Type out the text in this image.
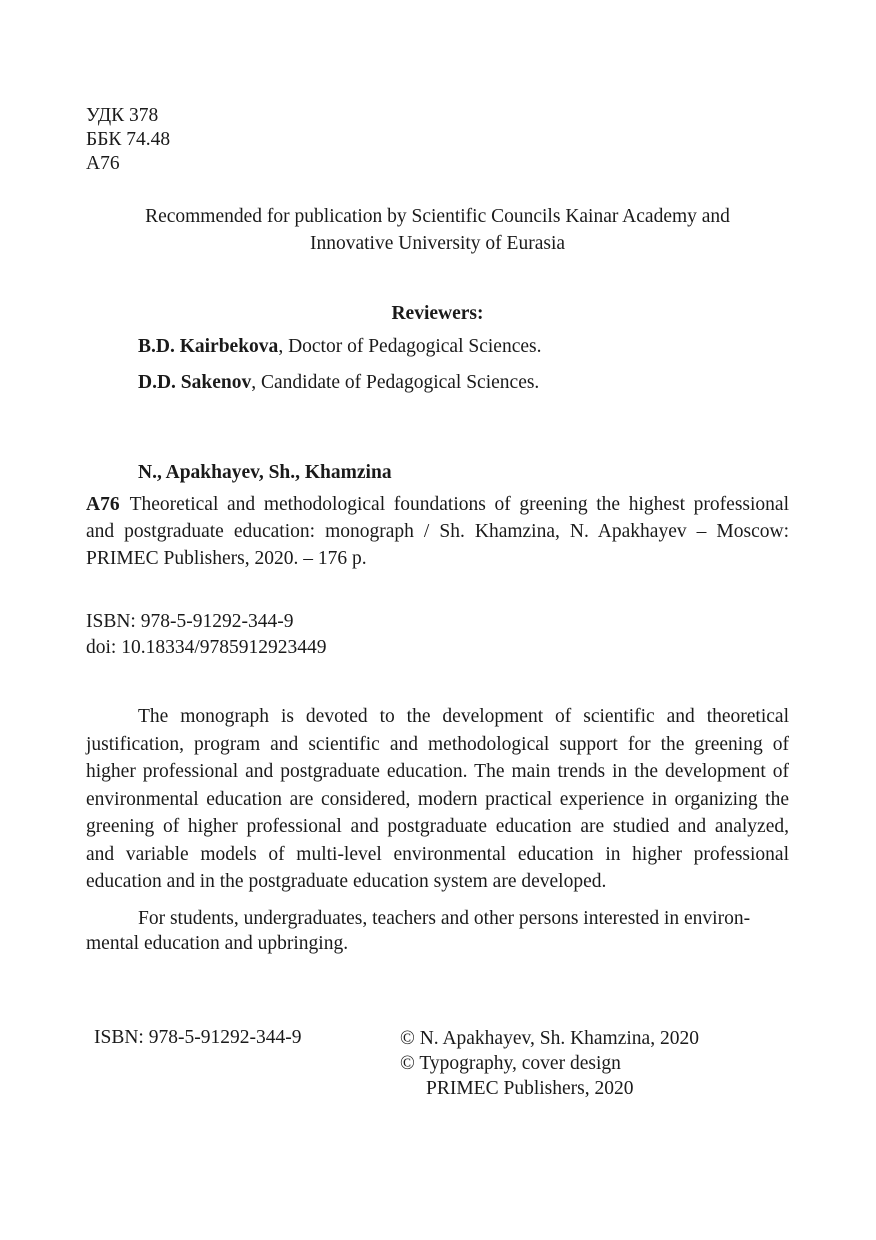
УДК 378
ББК 74.48
А76
Recommended for publication by Scientific Councils Kainar Academy and
Innovative University of Eurasia
Reviewers:
B.D. Kairbekova, Doctor of Pedagogical Sciences.
D.D. Sakenov, Candidate of Pedagogical Sciences.
N., Apakhayev, Sh., Khamzina
A76 Theoretical and methodological foundations of greening the highest professional
and postgraduate education: monograph / Sh. Khamzina, N. Apakhayev – Moscow:
PRIMEC Publishers, 2020. – 176 p.
ISBN: 978-5-91292-344-9
doi: 10.18334/9785912923449
The monograph is devoted to the development of scientific and theoretical
justification, program and scientific and methodological support for the greening of
higher professional and postgraduate education. The main trends in the development of
environmental education are considered, modern practical experience in organizing the
greening of higher professional and postgraduate education are studied and analyzed,
and variable models of multi-level environmental education in higher professional
education and in the postgraduate education system are developed.
For students, undergraduates, teachers and other persons interested in environ-
mental education and upbringing.
ISBN: 978-5-91292-344-9	© N. Apakhayev, Sh. Khamzina, 2020
© Typography, cover design
PRIMEC Publishers, 2020
